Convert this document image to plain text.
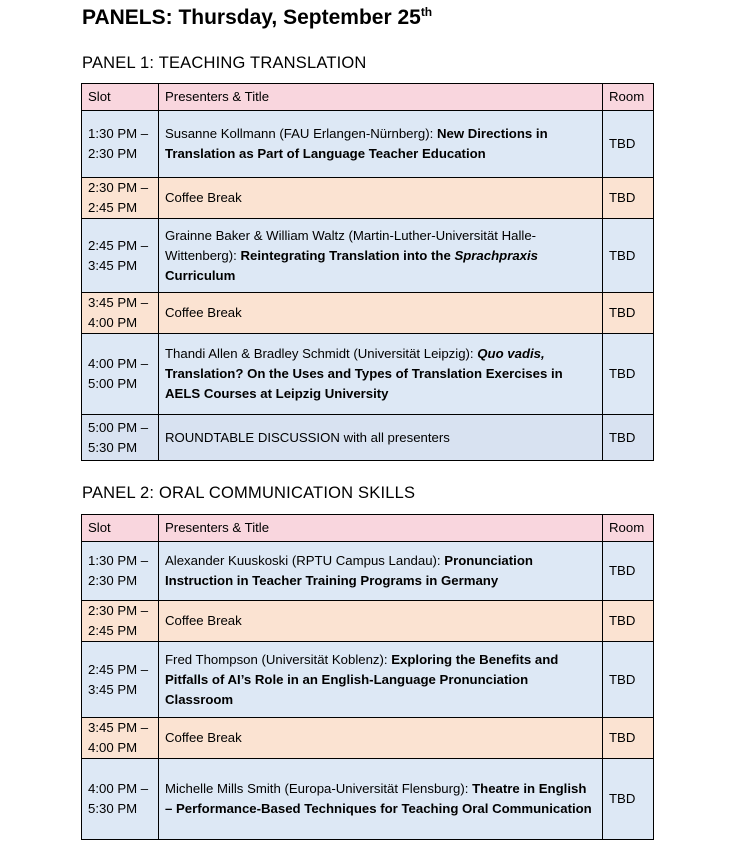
PANELS: Thursday, September 25th
PANEL 1: TEACHING TRANSLATION
Slot	Presenters & Title	Room
1:30 PM –
2:30 PM	Susanne Kollmann (FAU Erlangen-Nürnberg): New Directions in Translation as Part of Language Teacher Education	TBD
2:30 PM –
2:45 PM	Coffee Break	TBD
2:45 PM –
3:45 PM	Grainne Baker & William Waltz (Martin-Luther-Universität Halle-Wittenberg): Reintegrating Translation into the Sprachpraxis Curriculum	TBD
3:45 PM –
4:00 PM	Coffee Break	TBD
4:00 PM –
5:00 PM	Thandi Allen & Bradley Schmidt (Universität Leipzig): Quo vadis, Translation? On the Uses and Types of Translation Exercises in AELS Courses at Leipzig University	TBD
5:00 PM –
5:30 PM	ROUNDTABLE DISCUSSION with all presenters	TBD
PANEL 2: ORAL COMMUNICATION SKILLS
Slot	Presenters & Title	Room
1:30 PM –
2:30 PM	Alexander Kuuskoski (RPTU Campus Landau): Pronunciation Instruction in Teacher Training Programs in Germany	TBD
2:30 PM –
2:45 PM	Coffee Break	TBD
2:45 PM –
3:45 PM	Fred Thompson (Universität Koblenz): Exploring the Benefits and Pitfalls of AI’s Role in an English-Language Pronunciation Classroom	TBD
3:45 PM –
4:00 PM	Coffee Break	TBD
4:00 PM –
5:30 PM	Michelle Mills Smith (Europa-Universität Flensburg): Theatre in English – Performance-Based Techniques for Teaching Oral Communication	TBD
